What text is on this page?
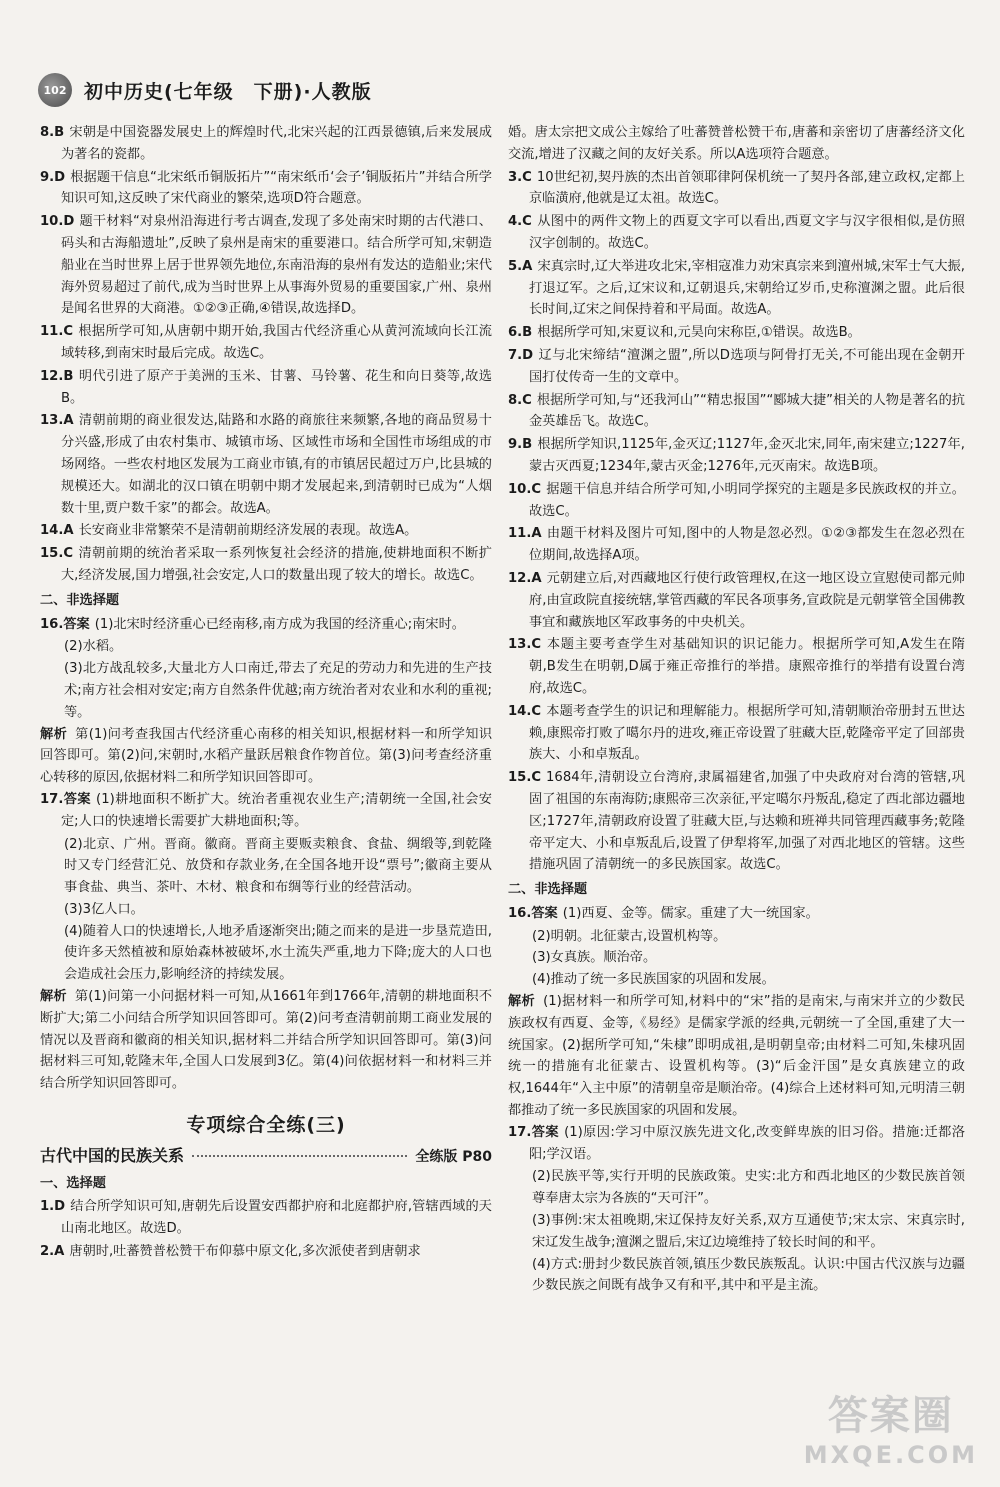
102 初中历史(七年级　下册)·人教版

8.B 宋朝是中国瓷器发展史上的辉煌时代,北宋兴起的江西景德镇,后来发展成为著名的瓷都。

9.D 根据题干信息“北宋纸币铜版拓片”“南宋纸币‘会子’铜版拓片”并结合所学知识可知,这反映了宋代商业的繁荣,选项D符合题意。

10.D 题干材料“对泉州沿海进行考古调查,发现了多处南宋时期的古代港口、码头和古海船遗址”,反映了泉州是南宋的重要港口。结合所学可知,宋朝造船业在当时世界上居于世界领先地位,东南沿海的泉州有发达的造船业;宋代海外贸易超过了前代,成为当时世界上从事海外贸易的重要国家,广州、泉州是闻名世界的大商港。①②③正确,④错误,故选择D。

11.C 根据所学可知,从唐朝中期开始,我国古代经济重心从黄河流域向长江流域转移,到南宋时最后完成。故选C。

12.B 明代引进了原产于美洲的玉米、甘薯、马铃薯、花生和向日葵等,故选B。

13.A 清朝前期的商业很发达,陆路和水路的商旅往来频繁,各地的商品贸易十分兴盛,形成了由农村集市、城镇市场、区域性市场和全国性市场组成的市场网络。一些农村地区发展为工商业市镇,有的市镇居民超过万户,比县城的规模还大。如湖北的汉口镇在明朝中期才发展起来,到清朝时已成为“人烟数十里,贾户数千家”的都会。故选A。

14.A 长安商业非常繁荣不是清朝前期经济发展的表现。故选A。

15.C 清朝前期的统治者采取一系列恢复社会经济的措施,使耕地面积不断扩大,经济发展,国力增强,社会安定,人口的数量出现了较大的增长。故选C。

二、非选择题

16.答案 (1)北宋时经济重心已经南移,南方成为我国的经济重心;南宋时。

(2)水稻。

(3)北方战乱较多,大量北方人口南迁,带去了充足的劳动力和先进的生产技术;南方社会相对安定;南方自然条件优越;南方统治者对农业和水利的重视;等。

解析 第(1)问考查我国古代经济重心南移的相关知识,根据材料一和所学知识回答即可。第(2)问,宋朝时,水稻产量跃居粮食作物首位。第(3)问考查经济重心转移的原因,依据材料二和所学知识回答即可。

17.答案 (1)耕地面积不断扩大。统治者重视农业生产;清朝统一全国,社会安定;人口的快速增长需要扩大耕地面积;等。

(2)北京、广州。晋商。徽商。晋商主要贩卖粮食、食盐、绸缎等,到乾隆时又专门经营汇兑、放贷和存款业务,在全国各地开设“票号”;徽商主要从事食盐、典当、茶叶、木材、粮食和布绸等行业的经营活动。

(3)3亿人口。

(4)随着人口的快速增长,人地矛盾逐渐突出;随之而来的是进一步垦荒造田,使许多天然植被和原始森林被破坏,水土流失严重,地力下降;庞大的人口也会造成社会压力,影响经济的持续发展。

解析 第(1)问第一小问据材料一可知,从1661年到1766年,清朝的耕地面积不断扩大;第二小问结合所学知识回答即可。第(2)问考查清朝前期工商业发展的情况以及晋商和徽商的相关知识,据材料二并结合所学知识回答即可。第(3)问据材料三可知,乾隆末年,全国人口发展到3亿。第(4)问依据材料一和材料三并结合所学知识回答即可。

专项综合全练(三)
古代中国的民族关系	全练版 P80
一、选择题

1.D 结合所学知识可知,唐朝先后设置安西都护府和北庭都护府,管辖西域的天山南北地区。故选D。

2.A 唐朝时,吐蕃赞普松赞干布仰慕中原文化,多次派使者到唐朝求

婚。唐太宗把文成公主嫁给了吐蕃赞普松赞干布,唐蕃和亲密切了唐蕃经济文化交流,增进了汉藏之间的友好关系。所以A选项符合题意。

3.C 10世纪初,契丹族的杰出首领耶律阿保机统一了契丹各部,建立政权,定都上京临潢府,他就是辽太祖。故选C。

4.C 从图中的两件文物上的西夏文字可以看出,西夏文字与汉字很相似,是仿照汉字创制的。故选C。

5.A 宋真宗时,辽大举进攻北宋,宰相寇准力劝宋真宗来到澶州城,宋军士气大振,打退辽军。之后,辽宋议和,辽朝退兵,宋朝给辽岁币,史称澶渊之盟。此后很长时间,辽宋之间保持着和平局面。故选A。

6.B 根据所学可知,宋夏议和,元昊向宋称臣,①错误。故选B。

7.D 辽与北宋缔结“澶渊之盟”,所以D选项与阿骨打无关,不可能出现在金朝开国打仗传奇一生的文章中。

8.C 根据所学可知,与“还我河山”“精忠报国”“郾城大捷”相关的人物是著名的抗金英雄岳飞。故选C。

9.B 根据所学知识,1125年,金灭辽;1127年,金灭北宋,同年,南宋建立;1227年,蒙古灭西夏;1234年,蒙古灭金;1276年,元灭南宋。故选B项。

10.C 据题干信息并结合所学可知,小明同学探究的主题是多民族政权的并立。故选C。

11.A 由题干材料及图片可知,图中的人物是忽必烈。①②③都发生在忽必烈在位期间,故选择A项。

12.A 元朝建立后,对西藏地区行使行政管理权,在这一地区设立宣慰使司都元帅府,由宣政院直接统辖,掌管西藏的军民各项事务,宣政院是元朝掌管全国佛教事宜和藏族地区军政事务的中央机关。

13.C 本题主要考查学生对基础知识的识记能力。根据所学可知,A发生在隋朝,B发生在明朝,D属于雍正帝推行的举措。康熙帝推行的举措有设置台湾府,故选C。

14.C 本题考查学生的识记和理解能力。根据所学可知,清朝顺治帝册封五世达赖,康熙帝打败了噶尔丹的进攻,雍正帝设置了驻藏大臣,乾隆帝平定了回部贵族大、小和卓叛乱。

15.C 1684年,清朝设立台湾府,隶属福建省,加强了中央政府对台湾的管辖,巩固了祖国的东南海防;康熙帝三次亲征,平定噶尔丹叛乱,稳定了西北部边疆地区;1727年,清朝政府设置了驻藏大臣,与达赖和班禅共同管理西藏事务;乾隆帝平定大、小和卓叛乱后,设置了伊犁将军,加强了对西北地区的管辖。这些措施巩固了清朝统一的多民族国家。故选C。

二、非选择题

16.答案 (1)西夏、金等。儒家。重建了大一统国家。

(2)明朝。北征蒙古,设置机构等。

(3)女真族。顺治帝。

(4)推动了统一多民族国家的巩固和发展。

解析 (1)据材料一和所学可知,材料中的“宋”指的是南宋,与南宋并立的少数民族政权有西夏、金等,《易经》是儒家学派的经典,元朝统一了全国,重建了大一统国家。(2)据所学可知,“朱棣”即明成祖,是明朝皇帝;由材料二可知,朱棣巩固统一的措施有北征蒙古、设置机构等。(3)“后金汗国”是女真族建立的政权,1644年“入主中原”的清朝皇帝是顺治帝。(4)综合上述材料可知,元明清三朝都推动了统一多民族国家的巩固和发展。

17.答案 (1)原因:学习中原汉族先进文化,改变鲜卑族的旧习俗。措施:迁都洛阳;学汉语。

(2)民族平等,实行开明的民族政策。史实:北方和西北地区的少数民族首领尊奉唐太宗为各族的“天可汗”。

(3)事例:宋太祖晚期,宋辽保持友好关系,双方互通使节;宋太宗、宋真宗时,宋辽发生战争;澶渊之盟后,宋辽边境维持了较长时间的和平。

(4)方式:册封少数民族首领,镇压少数民族叛乱。认识:中国古代汉族与边疆少数民族之间既有战争又有和平,其中和平是主流。

答案圈
MXQE.COM
